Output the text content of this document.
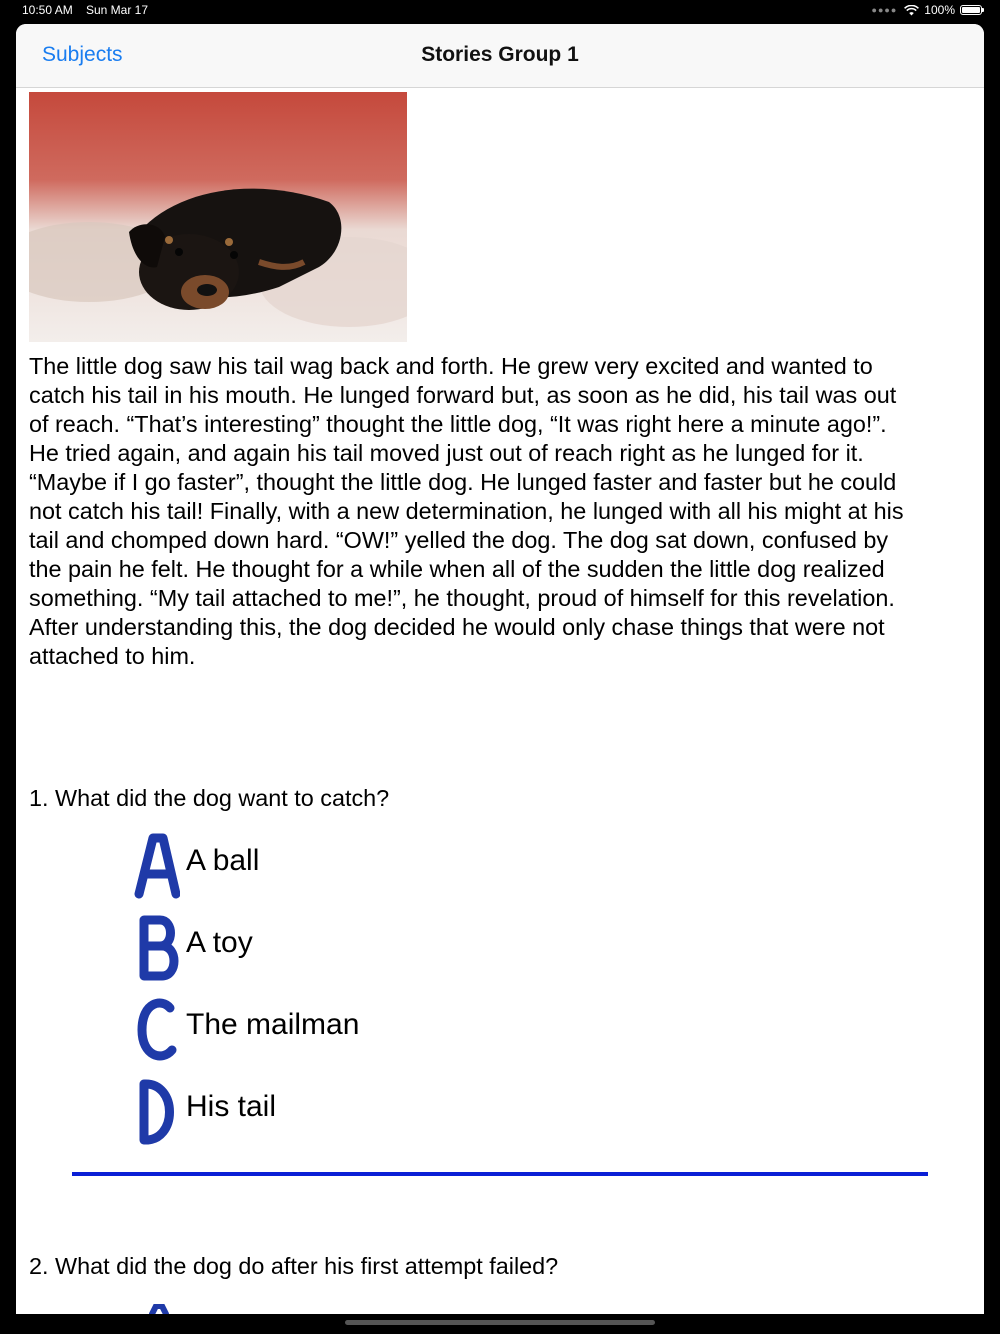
10:50 AM Sun Mar 17	●●●● 100%
Subjects	Stories Group 1

The little dog saw his tail wag back and forth. He grew very excited and wanted to catch his tail in his mouth. He lunged forward but, as soon as he did, his tail was out of reach. “That’s interesting” thought the little dog, “It was right here a minute ago!”. He tried again, and again his tail moved just out of reach right as he lunged for it. “Maybe if I go faster”, thought the little dog. He lunged faster and faster but he could not catch his tail! Finally, with a new determination, he lunged with all his might at his tail and chomped down hard. “OW!” yelled the dog. The dog sat down, confused by the pain he felt. He thought for a while when all of the sudden the little dog realized something. “My tail attached to me!”, he thought, proud of himself for this revelation. After understanding this, the dog decided he would only chase things that were not attached to him.

1. What did the dog want to catch?
A ball
A toy
The mailman
His tail
2. What did the dog do after his first attempt failed?
